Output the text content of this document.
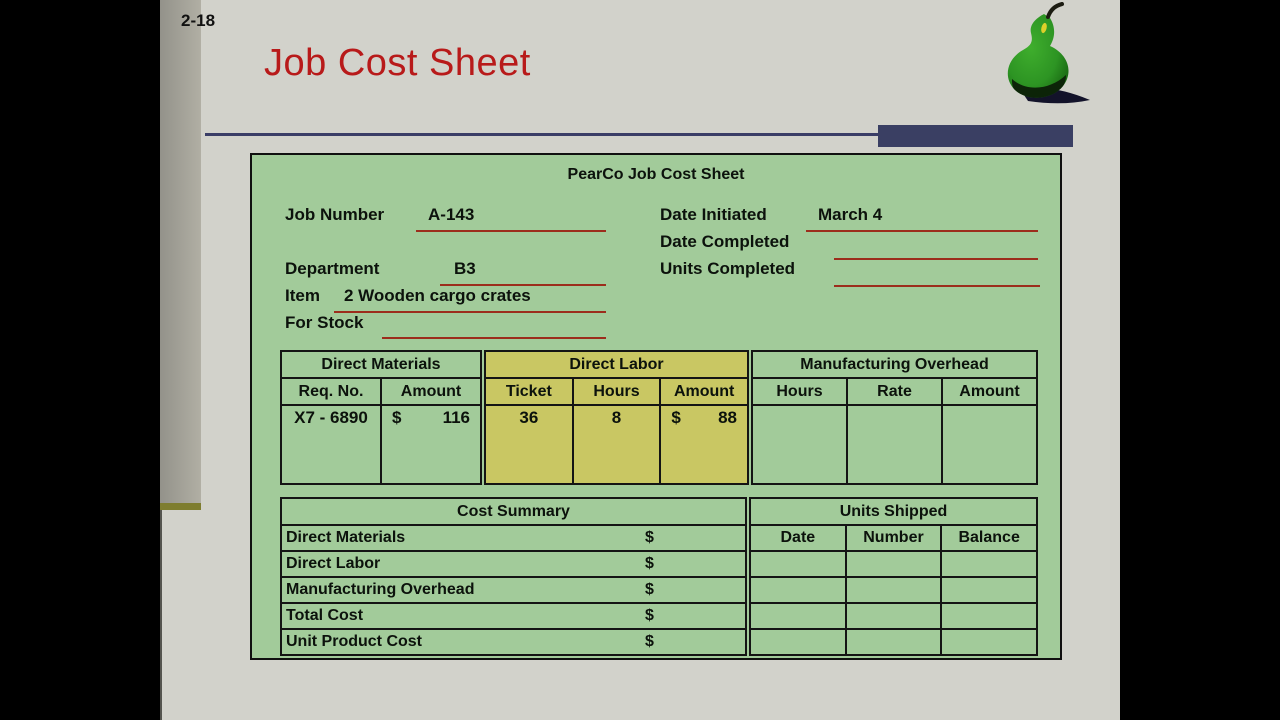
2-18
Job Cost Sheet
PearCo Job Cost Sheet
Job Number	A-143	Date Initiated	March 4
Date Completed
Department	B3	Units Completed
Item 2 Wooden cargo crates
For Stock
Direct Materials	
Req. No.	Amount
X7 - 6890	$ 116
Direct Labor		
Ticket	Hours	Amount
36	8	$ 88
Manufacturing Overhead		
Hours	Rate	Amount

Cost Summary

Direct Materials	$

Direct Labor	$

Manufacturing Overhead	$

Total Cost	$

Unit Product Cost	$
Units Shipped		
Date	Number	Balance
